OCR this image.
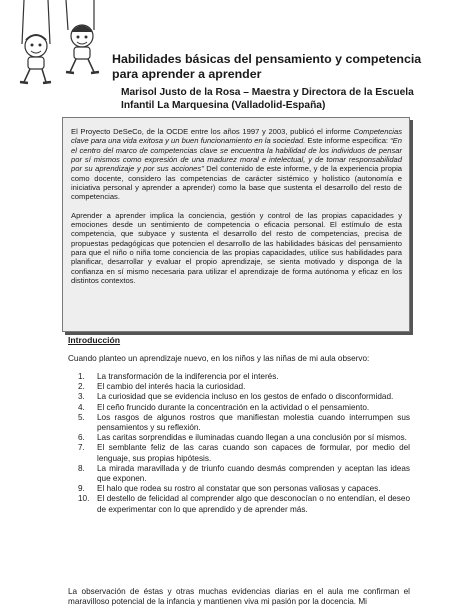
Habilidades básicas del pensamiento y competencia para aprender a aprender
Marisol Justo de la Rosa – Maestra y Directora de la Escuela Infantil La Marquesina (Valladolid-España)

El Proyecto DeSeCo, de la OCDE entre los años 1997 y 2003, publicó el informe Competencias clave para una vida exitosa y un buen funcionamiento en la sociedad. Este informe especifica: “En el centro del marco de competencias clave se encuentra la habilidad de los individuos de pensar por sí mismos como expresión de una madurez moral e intelectual, y de tomar responsabilidad por su aprendizaje y por sus acciones” Del contenido de este informe, y de la experiencia propia como docente, considero las competencias de carácter sistémico y holístico (autonomía e iniciativa personal y aprender a aprender) como la base que sustenta el desarrollo del resto de competencias.

Aprender a aprender implica la conciencia, gestión y control de las propias capacidades y emociones desde un sentimiento de competencia o eficacia personal. El estímulo de esta competencia, que subyace y sustenta el desarrollo del resto de competencias, precisa de propuestas pedagógicas que potencien el desarrollo de las habilidades básicas del pensamiento para que el niño o niña tome conciencia de las propias capacidades, utilice sus habilidades para planificar, desarrollar y evaluar el propio aprendizaje, se sienta motivado y disponga de la confianza en sí mismo necesaria para utilizar el aprendizaje de forma autónoma y eficaz en los distintos contextos.

Introducción
Cuando planteo un aprendizaje nuevo, en los niños y las niñas de mi aula observo:
1. La transformación de la indiferencia por el interés.
2. El cambio del interés hacia la curiosidad.
3. La curiosidad que se evidencia incluso en los gestos de enfado o disconformidad.
4. El ceño fruncido durante la concentración en la actividad o el pensamiento.
5. Los rasgos de algunos rostros que manifiestan molestia cuando interrumpen sus pensamientos y su reflexión.
6. Las caritas sorprendidas e iluminadas cuando llegan a una conclusión por sí mismos.
7. El semblante feliz de las caras cuando son capaces de formular, por medio del lenguaje, sus propias hipótesis.
8. La mirada maravillada y de triunfo cuando desmás comprenden y aceptan las ideas que exponen.
9. El halo que rodea su rostro al constatar que son personas valiosas y capaces.
10. El destello de felicidad al comprender algo que desconocían o no entendían, el deseo de experimentar con lo que aprendido y de aprender más.
La observación de éstas y otras muchas evidencias diarias en el aula me confirman el maravilloso potencial de la infancia y mantienen viva mi pasión por la docencia. Mi
